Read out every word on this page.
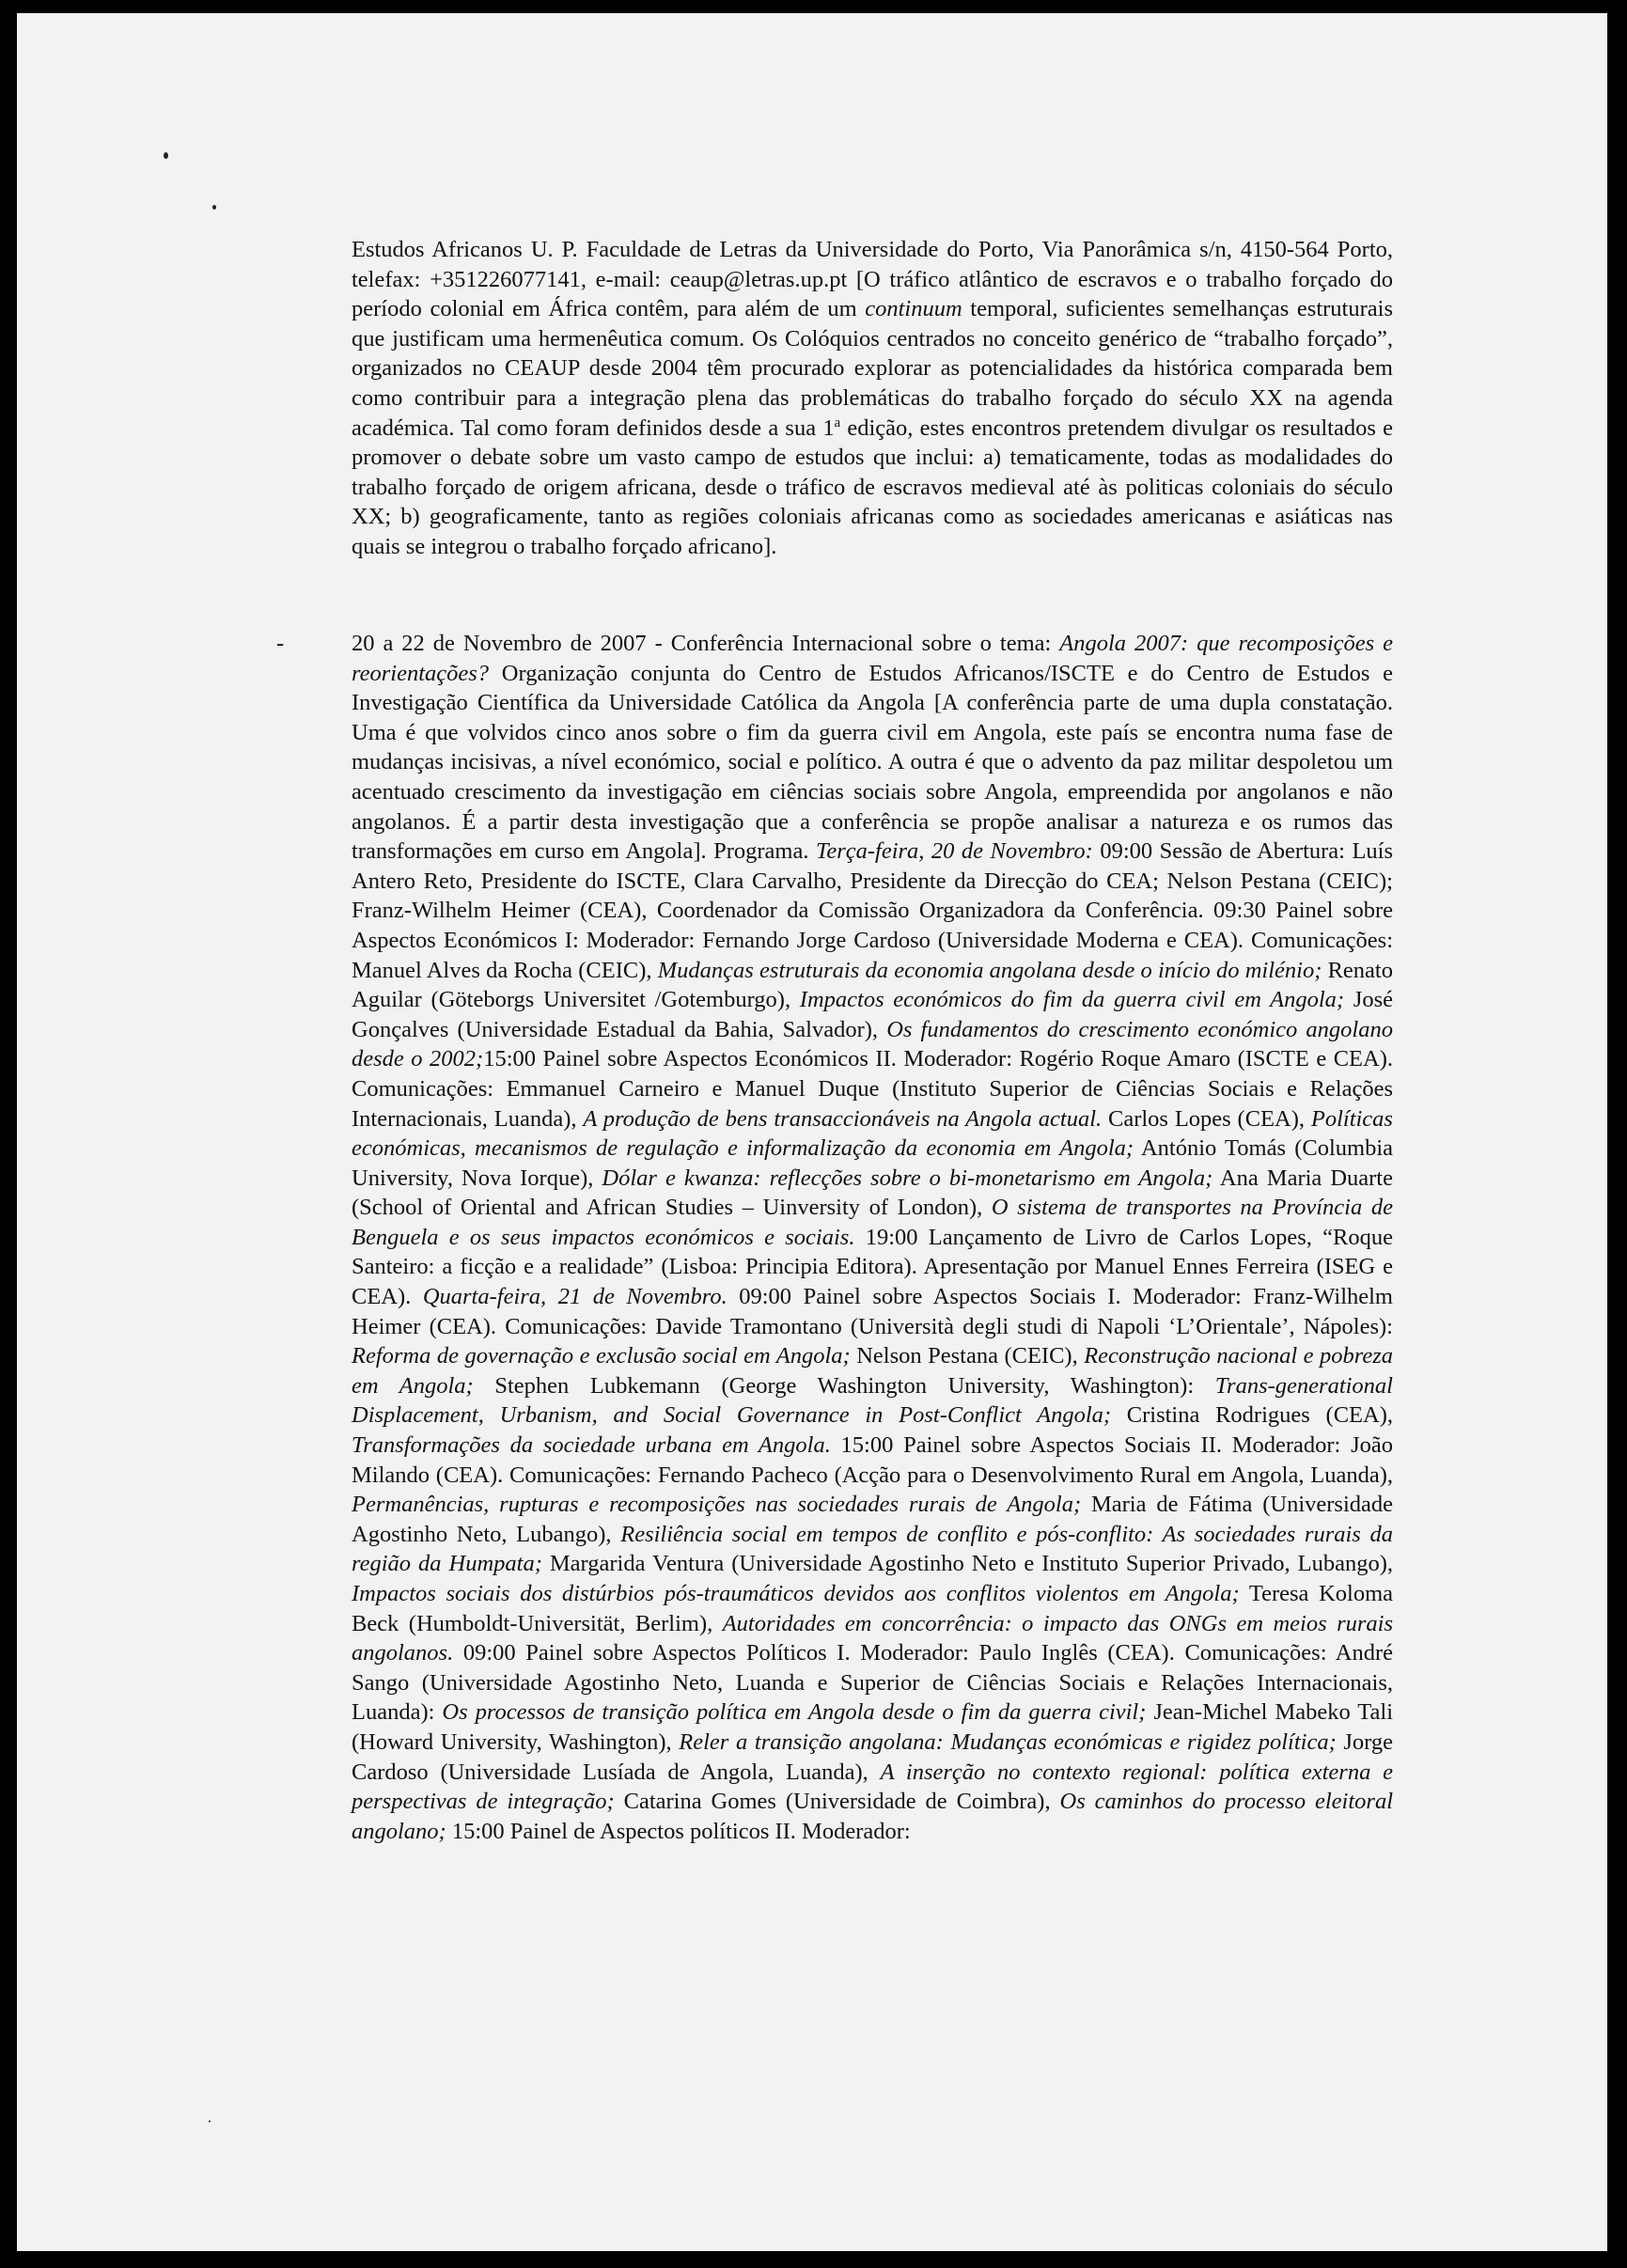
Estudos Africanos U. P. Faculdade de Letras da Universidade do Porto, Via Panorâmica s/n, 4150-564 Porto, telefax: +351226077141, e-mail: ceaup@letras.up.pt [O tráfico atlântico de escravos e o trabalho forçado do período colonial em África contêm, para além de um continuum temporal, suficientes semelhanças estruturais que justificam uma hermenêutica comum. Os Colóquios centrados no conceito genérico de “trabalho forçado”, organizados no CEAUP desde 2004 têm procurado explorar as potencialidades da histórica comparada bem como contribuir para a integração plena das problemáticas do trabalho forçado do século XX na agenda académica. Tal como foram definidos desde a sua 1$^a$ edição, estes encontros pretendem divulgar os resultados e promover o debate sobre um vasto campo de estudos que inclui: a) tematicamente, todas as modalidades do trabalho forçado de origem africana, desde o tráfico de escravos medieval até às politicas coloniais do século XX; b) geograficamente, tanto as regiões coloniais africanas como as sociedades americanas e asiáticas nas quais se integrou o trabalho forçado africano].
-	20 a 22 de Novembro de 2007 - Conferência Internacional sobre o tema: Angola 2007: que recomposições e reorientações? Organização conjunta do Centro de Estudos Africanos/ISCTE e do Centro de Estudos e Investigação Científica da Universidade Católica da Angola [A conferência parte de uma dupla constatação. Uma é que volvidos cinco anos sobre o fim da guerra civil em Angola, este país se encontra numa fase de mudanças incisivas, a nível económico, social e político. A outra é que o advento da paz militar despoletou um acentuado crescimento da investigação em ciências sociais sobre Angola, empreendida por angolanos e não angolanos. É a partir desta investigação que a conferência se propõe analisar a natureza e os rumos das transformações em curso em Angola]. Programa. Terça-feira, 20 de Novembro: 09:00 Sessão de Abertura: Luís Antero Reto, Presidente do ISCTE, Clara Carvalho, Presidente da Direcção do CEA; Nelson Pestana (CEIC); Franz-Wilhelm Heimer (CEA), Coordenador da Comissão Organizadora da Conferência. 09:30 Painel sobre Aspectos Económicos I: Moderador: Fernando Jorge Cardoso (Universidade Moderna e CEA). Comunicações: Manuel Alves da Rocha (CEIC), Mudanças estruturais da economia angolana desde o início do milénio; Renato Aguilar (Göteborgs Universitet /Gotemburgo), Impactos económicos do fim da guerra civil em Angola; José Gonçalves (Universidade Estadual da Bahia, Salvador), Os fundamentos do crescimento económico angolano desde o 2002;15:00 Painel sobre Aspectos Económicos II. Moderador: Rogério Roque Amaro (ISCTE e CEA). Comunicações: Emmanuel Carneiro e Manuel Duque (Instituto Superior de Ciências Sociais e Relações Internacionais, Luanda), A produção de bens transaccionáveis na Angola actual. Carlos Lopes (CEA), Políticas económicas, mecanismos de regulação e informalização da economia em Angola; António Tomás (Columbia University, Nova Iorque), Dólar e kwanza: reflecções sobre o bi-monetarismo em Angola; Ana Maria Duarte (School of Oriental and African Studies – Uinversity of London), O sistema de transportes na Província de Benguela e os seus impactos económicos e sociais. 19:00 Lançamento de Livro de Carlos Lopes, “Roque Santeiro: a ficção e a realidade” (Lisboa: Principia Editora). Apresentação por Manuel Ennes Ferreira (ISEG e CEA). Quarta-feira, 21 de Novembro. 09:00 Painel sobre Aspectos Sociais I. Moderador: Franz-Wilhelm Heimer (CEA). Comunicações: Davide Tramontano (Università degli studi di Napoli ‘L’Orientale’, Nápoles): Reforma de governação e exclusão social em Angola; Nelson Pestana (CEIC), Reconstrução nacional e pobreza em Angola; Stephen Lubkemann (George Washington University, Washington): Trans-generational Displacement, Urbanism, and Social Governance in Post-Conflict Angola; Cristina Rodrigues (CEA), Transformações da sociedade urbana em Angola. 15:00 Painel sobre Aspectos Sociais II. Moderador: João Milando (CEA). Comunicações: Fernando Pacheco (Acção para o Desenvolvimento Rural em Angola, Luanda), Permanências, rupturas e recomposições nas sociedades rurais de Angola; Maria de Fátima (Universidade Agostinho Neto, Lubango), Resiliência social em tempos de conflito e pós-conflito: As sociedades rurais da região da Humpata; Margarida Ventura (Universidade Agostinho Neto e Instituto Superior Privado, Lubango), Impactos sociais dos distúrbios pós-traumáticos devidos aos conflitos violentos em Angola; Teresa Koloma Beck (Humboldt-Universität, Berlim), Autoridades em concorrência: o impacto das ONGs em meios rurais angolanos. 09:00 Painel sobre Aspectos Políticos I. Moderador: Paulo Inglês (CEA). Comunicações: André Sango (Universidade Agostinho Neto, Luanda e Superior de Ciências Sociais e Relações Internacionais, Luanda): Os processos de transição política em Angola desde o fim da guerra civil; Jean-Michel Mabeko Tali (Howard University, Washington), Reler a transição angolana: Mudanças económicas e rigidez política; Jorge Cardoso (Universidade Lusíada de Angola, Luanda), A inserção no contexto regional: política externa e perspectivas de integração; Catarina Gomes (Universidade de Coimbra), Os caminhos do processo eleitoral angolano; 15:00 Painel de Aspectos políticos II. Moderador:
